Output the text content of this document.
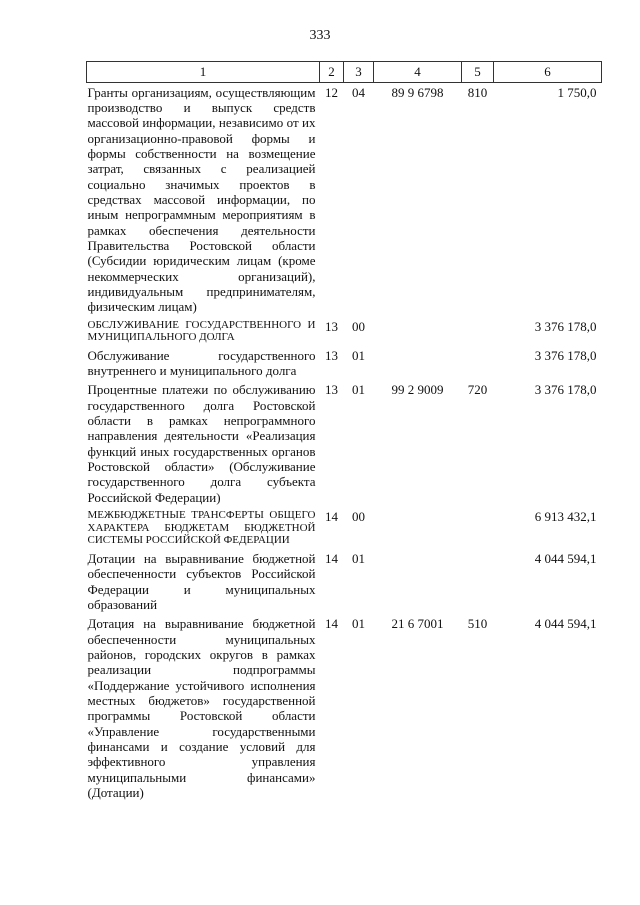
333
1	2	3	4	5	6
Гранты организациям, осуществляющим производство и выпуск средств массовой информации, независимо от их организационно-правовой формы и формы собственности на возмещение затрат, связанных с реализацией социально значимых проектов в средствах массовой информации, по иным непрограммным мероприятиям в рамках обеспечения деятельности Правительства Ростовской области (Субсидии юридическим лицам (кроме некоммерческих организаций), индивидуальным предпринимателям, физическим лицам)	12	04	89 9 6798	810	1 750,0
ОБСЛУЖИВАНИЕ ГОСУДАРСТВЕННОГО И МУНИЦИПАЛЬНОГО ДОЛГА	13	00			3 376 178,0
Обслуживание государственного внутреннего и муниципального долга	13	01			3 376 178,0
Процентные платежи по обслуживанию государственного долга Ростовской области в рамках непрограммного направления деятельности «Реализация функций иных государственных органов Ростовской области» (Обслуживание государственного долга субъекта Российской Федерации)	13	01	99 2 9009	720	3 376 178,0
МЕЖБЮДЖЕТНЫЕ ТРАНСФЕРТЫ ОБЩЕГО ХАРАКТЕРА БЮДЖЕТАМ БЮДЖЕТНОЙ СИСТЕМЫ РОССИЙСКОЙ ФЕДЕРАЦИИ	14	00			6 913 432,1
Дотации на выравнивание бюджетной обеспеченности субъектов Российской Федерации и муниципальных образований	14	01			4 044 594,1
Дотация на выравнивание бюджетной обеспеченности муниципальных районов, городских округов в рамках реализации подпрограммы «Поддержание устойчивого исполнения местных бюджетов» государственной программы Ростовской области «Управление государственными финансами и создание условий для эффективного управления муниципальными финансами» (Дотации)	14	01	21 6 7001	510	4 044 594,1
